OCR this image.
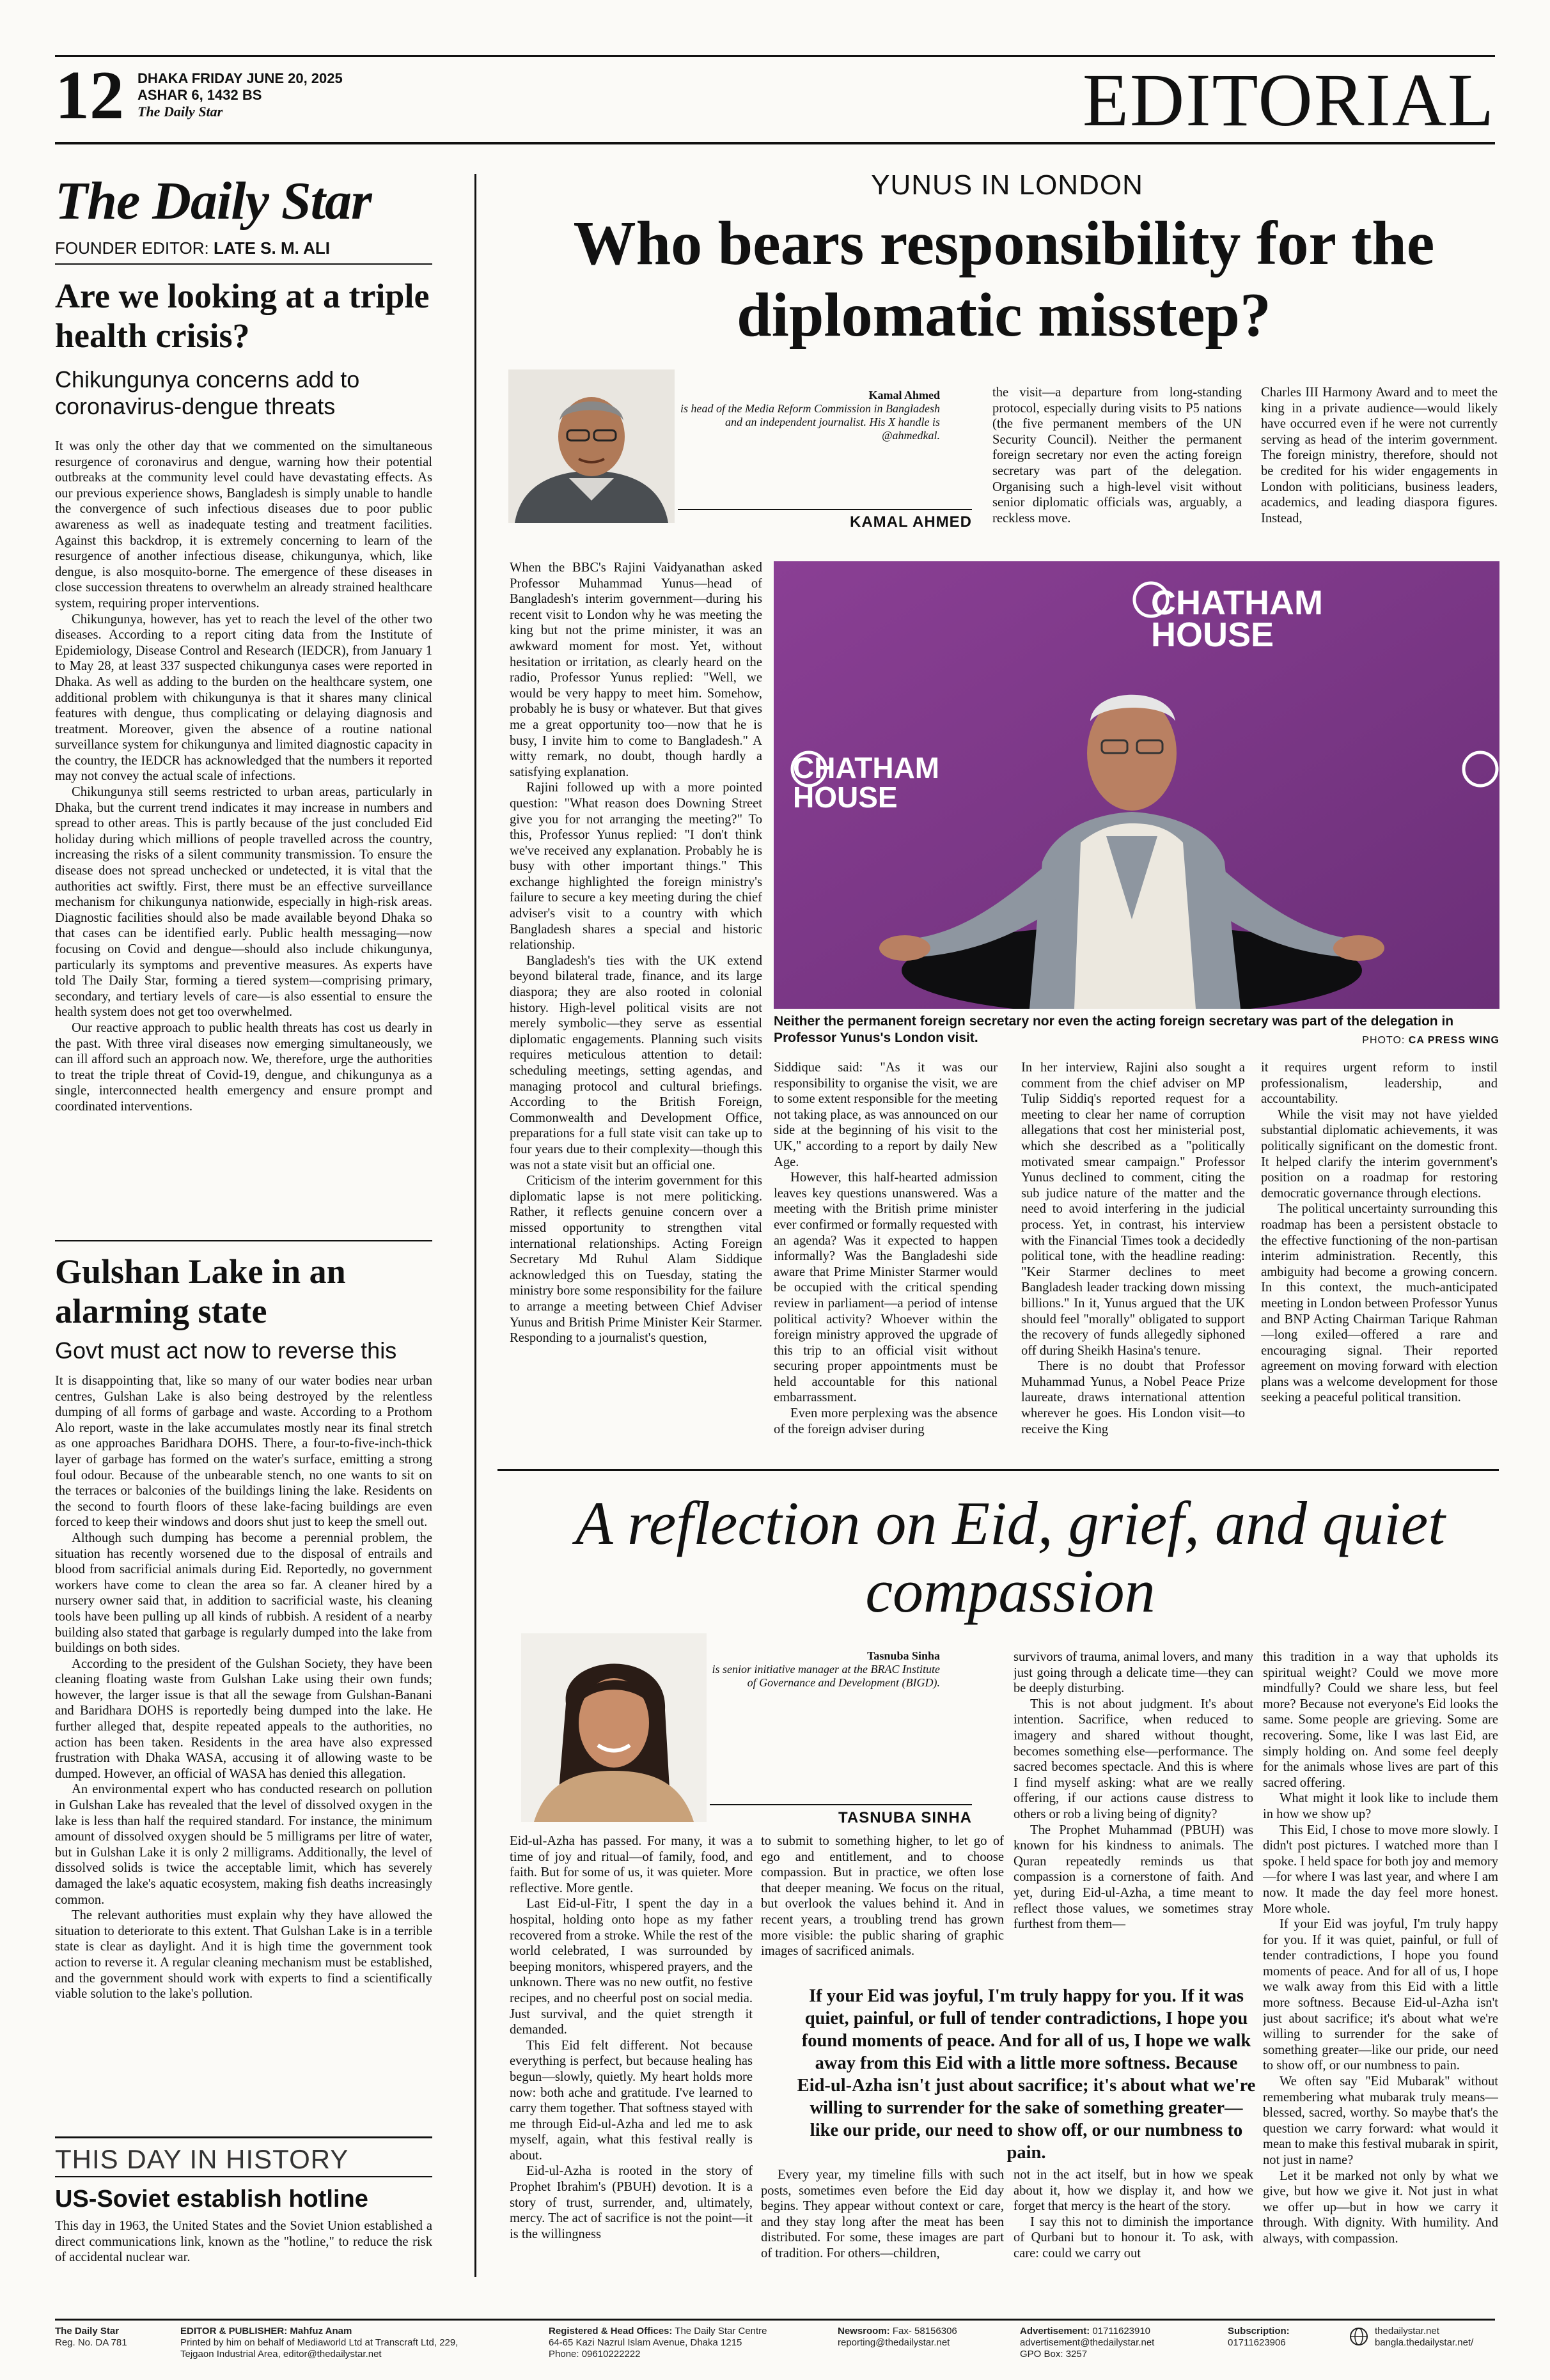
12 DHAKA FRIDAY JUNE 20, 2025
ASHAR 6, 1432 BS
The Daily Star	EDITORIAL
The Daily Star
FOUNDER EDITOR: LATE S. M. ALI
Are we looking at a triple health crisis?
Chikungunya concerns add to coronavirus-dengue threats

It was only the other day that we commented on the simultaneous resurgence of coronavirus and dengue, warning how their potential outbreaks at the community level could have devastating effects. As our previous experience shows, Bangladesh is simply unable to handle the convergence of such infectious diseases due to poor public awareness as well as inadequate testing and treatment facilities. Against this backdrop, it is extremely concerning to learn of the resurgence of another infectious disease, chikungunya, which, like dengue, is also mosquito-borne. The emergence of these diseases in close succession threatens to overwhelm an already strained healthcare system, requiring proper interventions.

Chikungunya, however, has yet to reach the level of the other two diseases. According to a report citing data from the Institute of Epidemiology, Disease Control and Research (IEDCR), from January 1 to May 28, at least 337 suspected chikungunya cases were reported in Dhaka. As well as adding to the burden on the healthcare system, one additional problem with chikungunya is that it shares many clinical features with dengue, thus complicating or delaying diagnosis and treatment. Moreover, given the absence of a routine national surveillance system for chikungunya and limited diagnostic capacity in the country, the IEDCR has acknowledged that the numbers it reported may not convey the actual scale of infections.

Chikungunya still seems restricted to urban areas, particularly in Dhaka, but the current trend indicates it may increase in numbers and spread to other areas. This is partly because of the just concluded Eid holiday during which millions of people travelled across the country, increasing the risks of a silent community transmission. To ensure the disease does not spread unchecked or undetected, it is vital that the authorities act swiftly. First, there must be an effective surveillance mechanism for chikungunya nationwide, especially in high-risk areas. Diagnostic facilities should also be made available beyond Dhaka so that cases can be identified early. Public health messaging—now focusing on Covid and dengue—should also include chikungunya, particularly its symptoms and preventive measures. As experts have told The Daily Star, forming a tiered system—comprising primary, secondary, and tertiary levels of care—is also essential to ensure the health system does not get too overwhelmed.

Our reactive approach to public health threats has cost us dearly in the past. With three viral diseases now emerging simultaneously, we can ill afford such an approach now. We, therefore, urge the authorities to treat the triple threat of Covid-19, dengue, and chikungunya as a single, interconnected health emergency and ensure prompt and coordinated interventions.

Gulshan Lake in an alarming state
Govt must act now to reverse this

It is disappointing that, like so many of our water bodies near urban centres, Gulshan Lake is also being destroyed by the relentless dumping of all forms of garbage and waste. According to a Prothom Alo report, waste in the lake accumulates mostly near its final stretch as one approaches Baridhara DOHS. There, a four-to-five-inch-thick layer of garbage has formed on the water's surface, emitting a strong foul odour. Because of the unbearable stench, no one wants to sit on the terraces or balconies of the buildings lining the lake. Residents on the second to fourth floors of these lake-facing buildings are even forced to keep their windows and doors shut just to keep the smell out.

Although such dumping has become a perennial problem, the situation has recently worsened due to the disposal of entrails and blood from sacrificial animals during Eid. Reportedly, no government workers have come to clean the area so far. A cleaner hired by a nursery owner said that, in addition to sacrificial waste, his cleaning tools have been pulling up all kinds of rubbish. A resident of a nearby building also stated that garbage is regularly dumped into the lake from buildings on both sides.

According to the president of the Gulshan Society, they have been cleaning floating waste from Gulshan Lake using their own funds; however, the larger issue is that all the sewage from Gulshan-Banani and Baridhara DOHS is reportedly being dumped into the lake. He further alleged that, despite repeated appeals to the authorities, no action has been taken. Residents in the area have also expressed frustration with Dhaka WASA, accusing it of allowing waste to be dumped. However, an official of WASA has denied this allegation.

An environmental expert who has conducted research on pollution in Gulshan Lake has revealed that the level of dissolved oxygen in the lake is less than half the required standard. For instance, the minimum amount of dissolved oxygen should be 5 milligrams per litre of water, but in Gulshan Lake it is only 2 milligrams. Additionally, the level of dissolved solids is twice the acceptable limit, which has severely damaged the lake's aquatic ecosystem, making fish deaths increasingly common.

The relevant authorities must explain why they have allowed the situation to deteriorate to this extent. That Gulshan Lake is in a terrible state is clear as daylight. And it is high time the government took action to reverse it. A regular cleaning mechanism must be established, and the government should work with experts to find a scientifically viable solution to the lake's pollution.

THIS DAY IN HISTORY
US-Soviet establish hotline

This day in 1963, the United States and the Soviet Union established a direct communications link, known as the "hotline," to reduce the risk of accidental nuclear war.

YUNUS IN LONDON
Who bears responsibility for the diplomatic misstep?
Kamal Ahmed
is head of the Media Reform Commission in Bangladesh and an independent journalist. His X handle is @ahmedkal.
KAMAL AHMED

the visit—a departure from long-standing protocol, especially during visits to P5 nations (the five permanent members of the UN Security Council). Neither the permanent foreign secretary nor even the acting foreign secretary was part of the delegation. Organising such a high-level visit without senior diplomatic officials was, arguably, a reckless move.

Charles III Harmony Award and to meet the king in a private audience—would likely have occurred even if he were not currently serving as head of the interim government. The foreign ministry, therefore, should not be credited for his wider engagements in London with politicians, business leaders, academics, and leading diaspora figures. Instead,

When the BBC's Rajini Vaidyanathan asked Professor Muhammad Yunus—head of Bangladesh's interim government—during his recent visit to London why he was meeting the king but not the prime minister, it was an awkward moment for most. Yet, without hesitation or irritation, as clearly heard on the radio, Professor Yunus replied: "Well, we would be very happy to meet him. Somehow, probably he is busy or whatever. But that gives me a great opportunity too—now that he is busy, I invite him to come to Bangladesh." A witty remark, no doubt, though hardly a satisfying explanation.

Rajini followed up with a more pointed question: "What reason does Downing Street give you for not arranging the meeting?" To this, Professor Yunus replied: "I don't think we've received any explanation. Probably he is busy with other important things." This exchange highlighted the foreign ministry's failure to secure a key meeting during the chief adviser's visit to a country with which Bangladesh shares a special and historic relationship.

Bangladesh's ties with the UK extend beyond bilateral trade, finance, and its large diaspora; they are also rooted in colonial history. High-level political visits are not merely symbolic—they serve as essential diplomatic engagements. Planning such visits requires meticulous attention to detail: scheduling meetings, setting agendas, and managing protocol and cultural briefings. According to the British Foreign, Commonwealth and Development Office, preparations for a full state visit can take up to four years due to their complexity—though this was not a state visit but an official one.

Criticism of the interim government for this diplomatic lapse is not mere politicking. Rather, it reflects genuine concern over a missed opportunity to strengthen vital international relationships. Acting Foreign Secretary Md Ruhul Alam Siddique acknowledged this on Tuesday, stating the ministry bore some responsibility for the failure to arrange a meeting between Chief Adviser Yunus and British Prime Minister Keir Starmer. Responding to a journalist's question,

CHATHAM HOUSE
CHATHAM HOUSE
Neither the permanent foreign secretary nor even the acting foreign secretary was part of the delegation in Professor Yunus's London visit.	PHOTO: CA PRESS WING

Siddique said: "As it was our responsibility to organise the visit, we are to some extent responsible for the meeting not taking place, as was announced on our side at the beginning of his visit to the UK," according to a report by daily New Age.

However, this half-hearted admission leaves key questions unanswered. Was a meeting with the British prime minister ever confirmed or formally requested with an agenda? Was it expected to happen informally? Was the Bangladeshi side aware that Prime Minister Starmer would be occupied with the critical spending review in parliament—a period of intense political activity? Whoever within the foreign ministry approved the upgrade of this trip to an official visit without securing proper appointments must be held accountable for this national embarrassment.

Even more perplexing was the absence of the foreign adviser during

In her interview, Rajini also sought a comment from the chief adviser on MP Tulip Siddiq's reported request for a meeting to clear her name of corruption allegations that cost her ministerial post, which she described as a "politically motivated smear campaign." Professor Yunus declined to comment, citing the sub judice nature of the matter and the need to avoid interfering in the judicial process. Yet, in contrast, his interview with the Financial Times took a decidedly political tone, with the headline reading: "Keir Starmer declines to meet Bangladesh leader tracking down missing billions." In it, Yunus argued that the UK should feel "morally" obligated to support the recovery of funds allegedly siphoned off during Sheikh Hasina's tenure.

There is no doubt that Professor Muhammad Yunus, a Nobel Peace Prize laureate, draws international attention wherever he goes. His London visit—to receive the King

it requires urgent reform to instil professionalism, leadership, and accountability.

While the visit may not have yielded substantial diplomatic achievements, it was politically significant on the domestic front. It helped clarify the interim government's position on a roadmap for restoring democratic governance through elections.

The political uncertainty surrounding this roadmap has been a persistent obstacle to the effective functioning of the non-partisan interim administration. Recently, this ambiguity had become a growing concern. In this context, the much-anticipated meeting in London between Professor Yunus and BNP Acting Chairman Tarique Rahman—long exiled—offered a rare and encouraging signal. Their reported agreement on moving forward with election plans was a welcome development for those seeking a peaceful political transition.

A reflection on Eid, grief, and quiet compassion
Tasnuba Sinha
is senior initiative manager at the BRAC Institute of Governance and Development (BIGD).
TASNUBA SINHA

Eid-ul-Azha has passed. For many, it was a time of joy and ritual—of family, food, and faith. But for some of us, it was quieter. More reflective. More gentle.

Last Eid-ul-Fitr, I spent the day in a hospital, holding onto hope as my father recovered from a stroke. While the rest of the world celebrated, I was surrounded by beeping monitors, whispered prayers, and the unknown. There was no new outfit, no festive recipes, and no cheerful post on social media. Just survival, and the quiet strength it demanded.

This Eid felt different. Not because everything is perfect, but because healing has begun—slowly, quietly. My heart holds more now: both ache and gratitude. I've learned to carry them together. That softness stayed with me through Eid-ul-Azha and led me to ask myself, again, what this festival really is about.

Eid-ul-Azha is rooted in the story of Prophet Ibrahim's (PBUH) devotion. It is a story of trust, surrender, and, ultimately, mercy. The act of sacrifice is not the point—it is the willingness

to submit to something higher, to let go of ego and entitlement, and to choose compassion. But in practice, we often lose that deeper meaning. We focus on the ritual, but overlook the values behind it. And in recent years, a troubling trend has grown more visible: the public sharing of graphic images of sacrificed animals.

survivors of trauma, animal lovers, and many just going through a delicate time—they can be deeply disturbing.

This is not about judgment. It's about intention. Sacrifice, when reduced to imagery and shared without thought, becomes something else—performance. The sacred becomes spectacle. And this is where I find myself asking: what are we really offering, if our actions cause distress to others or rob a living being of dignity?

The Prophet Muhammad (PBUH) was known for his kindness to animals. The Quran repeatedly reminds us that compassion is a cornerstone of faith. And yet, during Eid-ul-Azha, a time meant to reflect those values, we sometimes stray furthest from them—

If your Eid was joyful, I'm truly happy for you. If it was quiet, painful, or full of tender contradictions, I hope you found moments of peace. And for all of us, I hope we walk away from this Eid with a little more softness. Because Eid-ul-Azha isn't just about sacrifice; it's about what we're willing to surrender for the sake of something greater—like our pride, our need to show off, or our numbness to pain.

Every year, my timeline fills with such posts, sometimes even before the Eid day begins. They appear without context or care, and they stay long after the meat has been distributed. For some, these images are part of tradition. For others—children,

not in the act itself, but in how we speak about it, how we display it, and how we forget that mercy is the heart of the story.

I say this not to diminish the importance of Qurbani but to honour it. To ask, with care: could we carry out

this tradition in a way that upholds its spiritual weight? Could we move more mindfully? Could we share less, but feel more? Because not everyone's Eid looks the same. Some people are grieving. Some are recovering. Some, like I was last Eid, are simply holding on. And some feel deeply for the animals whose lives are part of this sacred offering.

What might it look like to include them in how we show up?

This Eid, I chose to move more slowly. I didn't post pictures. I watched more than I spoke. I held space for both joy and memory—for where I was last year, and where I am now. It made the day feel more honest. More whole.

If your Eid was joyful, I'm truly happy for you. If it was quiet, painful, or full of tender contradictions, I hope you found moments of peace. And for all of us, I hope we walk away from this Eid with a little more softness. Because Eid-ul-Azha isn't just about sacrifice; it's about what we're willing to surrender for the sake of something greater—like our pride, our need to show off, or our numbness to pain.

We often say "Eid Mubarak" without remembering what mubarak truly means—blessed, sacred, worthy. So maybe that's the question we carry forward: what would it mean to make this festival mubarak in spirit, not just in name?

Let it be marked not only by what we give, but how we give it. Not just in what we offer up—but in how we carry it through. With dignity. With humility. And always, with compassion.

The Daily Star
Reg. No. DA 781
EDITOR & PUBLISHER: Mahfuz Anam
Printed by him on behalf of Mediaworld Ltd at Transcraft Ltd, 229,
Tejgaon Industrial Area, editor@thedailystar.net
Registered & Head Offices: The Daily Star Centre
64-65 Kazi Nazrul Islam Avenue, Dhaka 1215
Phone: 09610222222
Newsroom: Fax- 58156306
reporting@thedailystar.net
Advertisement: 01711623910
advertisement@thedailystar.net
GPO Box: 3257
Subscription:
01711623906
thedailystar.net
bangla.thedailystar.net/
